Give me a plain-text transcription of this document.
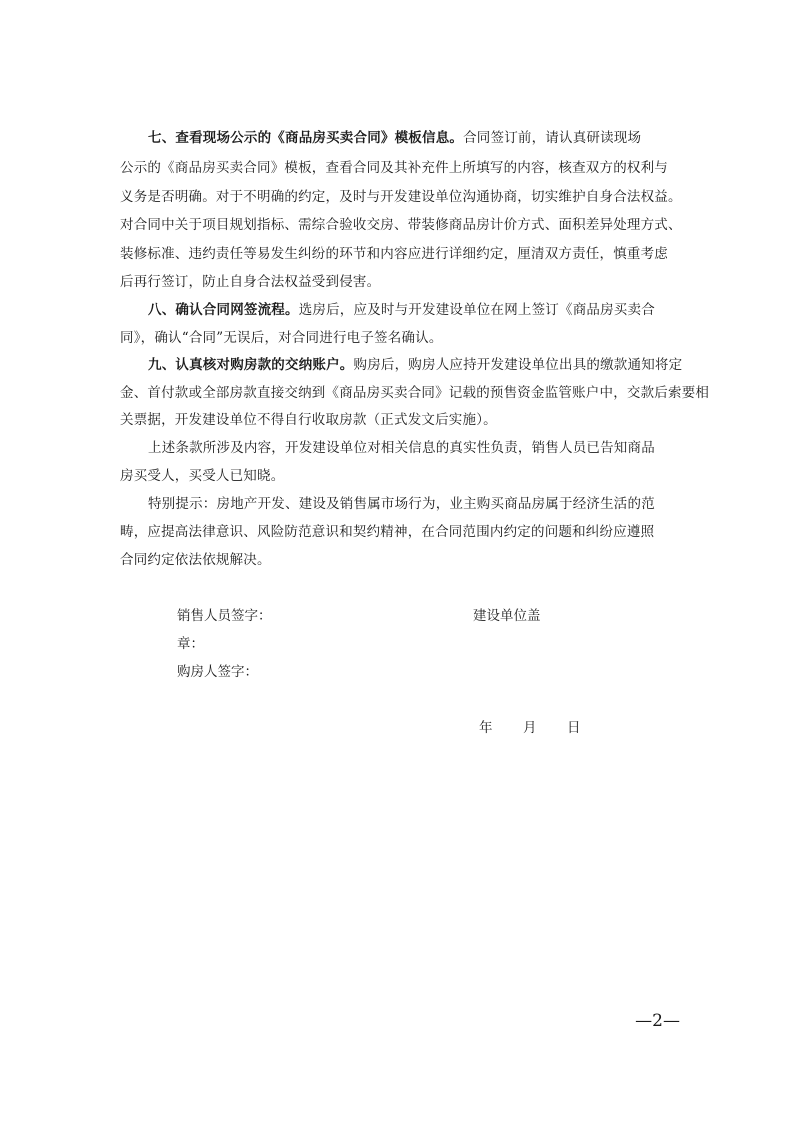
七、查看现场公示的《商品房买卖合同》模板信息。合同签订前，请认真研读现场
公示的《商品房买卖合同》模板，查看合同及其补充件上所填写的内容，核查双方的权利与
义务是否明确。对于不明确的约定，及时与开发建设单位沟通协商，切实维护自身合法权益。
对合同中关于项目规划指标、需综合验收交房、带装修商品房计价方式、面积差异处理方式、
装修标准、违约责任等易发生纠纷的环节和内容应进行详细约定，厘清双方责任，慎重考虑
后再行签订，防止自身合法权益受到侵害。
八、确认合同网签流程。选房后，应及时与开发建设单位在网上签订《商品房买卖合
同》，确认“合同”无误后，对合同进行电子签名确认。
九、认真核对购房款的交纳账户。购房后，购房人应持开发建设单位出具的缴款通知将定
金、首付款或全部房款直接交纳到《商品房买卖合同》记载的预售资金监管账户中，交款后索要相
关票据，开发建设单位不得自行收取房款（正式发文后实施）。
上述条款所涉及内容，开发建设单位对相关信息的真实性负责，销售人员已告知商品
房买受人，买受人已知晓。
特别提示：房地产开发、建设及销售属市场行为，业主购买商品房属于经济生活的范
畴，应提高法律意识、风险防范意识和契约精神，在合同范围内约定的问题和纠纷应遵照
合同约定依法依规解决。
销售人员签字：	建设单位盖
章：
购房人签字：
年 月 日
—2—
